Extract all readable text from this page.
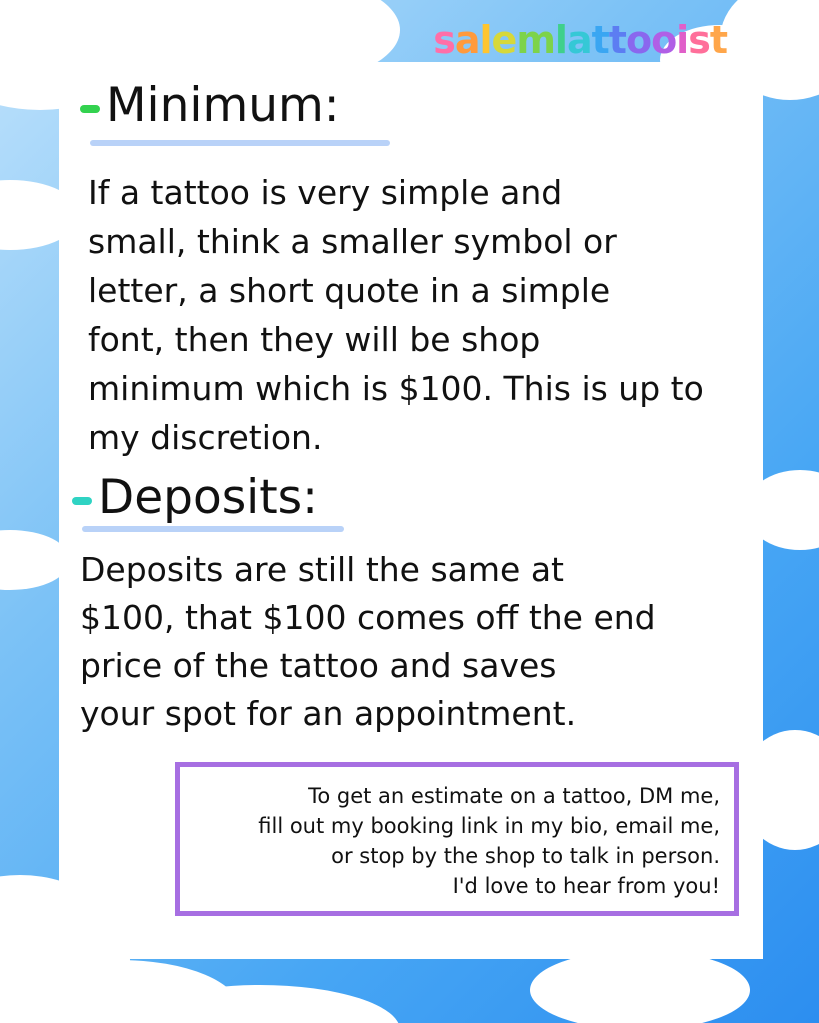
salemlattooist
Minimum:
If a tattoo is very simple and
small, think a smaller symbol or
letter, a short quote in a simple
font, then they will be shop
minimum which is $100. This is up to
my discretion.
Deposits:
Deposits are still the same at
$100, that $100 comes off the end
price of the tattoo and saves
your spot for an appointment.
To get an estimate on a tattoo, DM me,
fill out my booking link in my bio, email me,
or stop by the shop to talk in person.
I'd love to hear from you!
